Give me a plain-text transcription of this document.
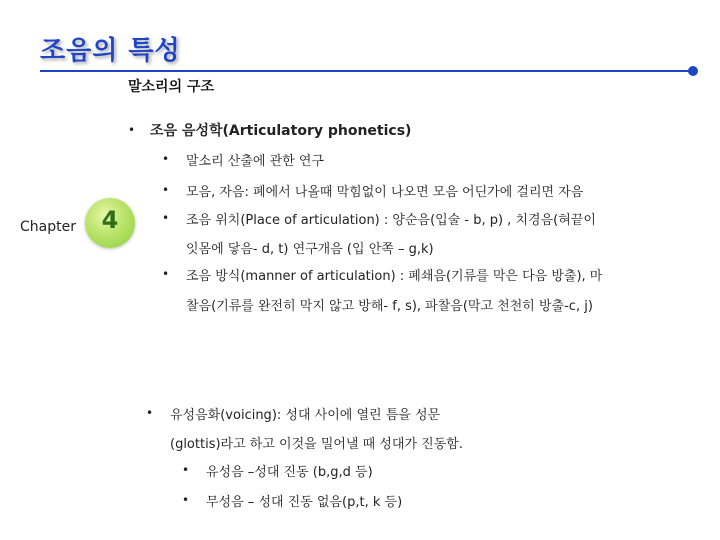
조음의 특성
말소리의 구조
Chapter	4
• 조음 음성학(Articulatory phonetics)
• 말소리 산출에 관한 연구
• 모음, 자음: 폐에서 나올때 막힘없이 나오면 모음 어딘가에 걸리면 자음
• 조음 위치(Place of articulation) : 양순음(입술 - b, p) , 치경음(혀끝이
잇몸에 닿음- d, t) 연구개음 (입 안쪽 – g,k)
• 조음 방식(manner of articulation) : 폐쇄음(기류를 막은 다음 방출), 마
찰음(기류를 완전히 막지 않고 방해- f, s), 파찰음(막고 천천히 방출-c, j)
• 유성음화(voicing): 성대 사이에 열린 틈을 성문
(glottis)라고 하고 이것을 밀어낼 때 성대가 진동함.
• 유성음 –성대 진동 (b,g,d 등)
• 무성음 – 성대 진동 없음(p,t, k 등)
